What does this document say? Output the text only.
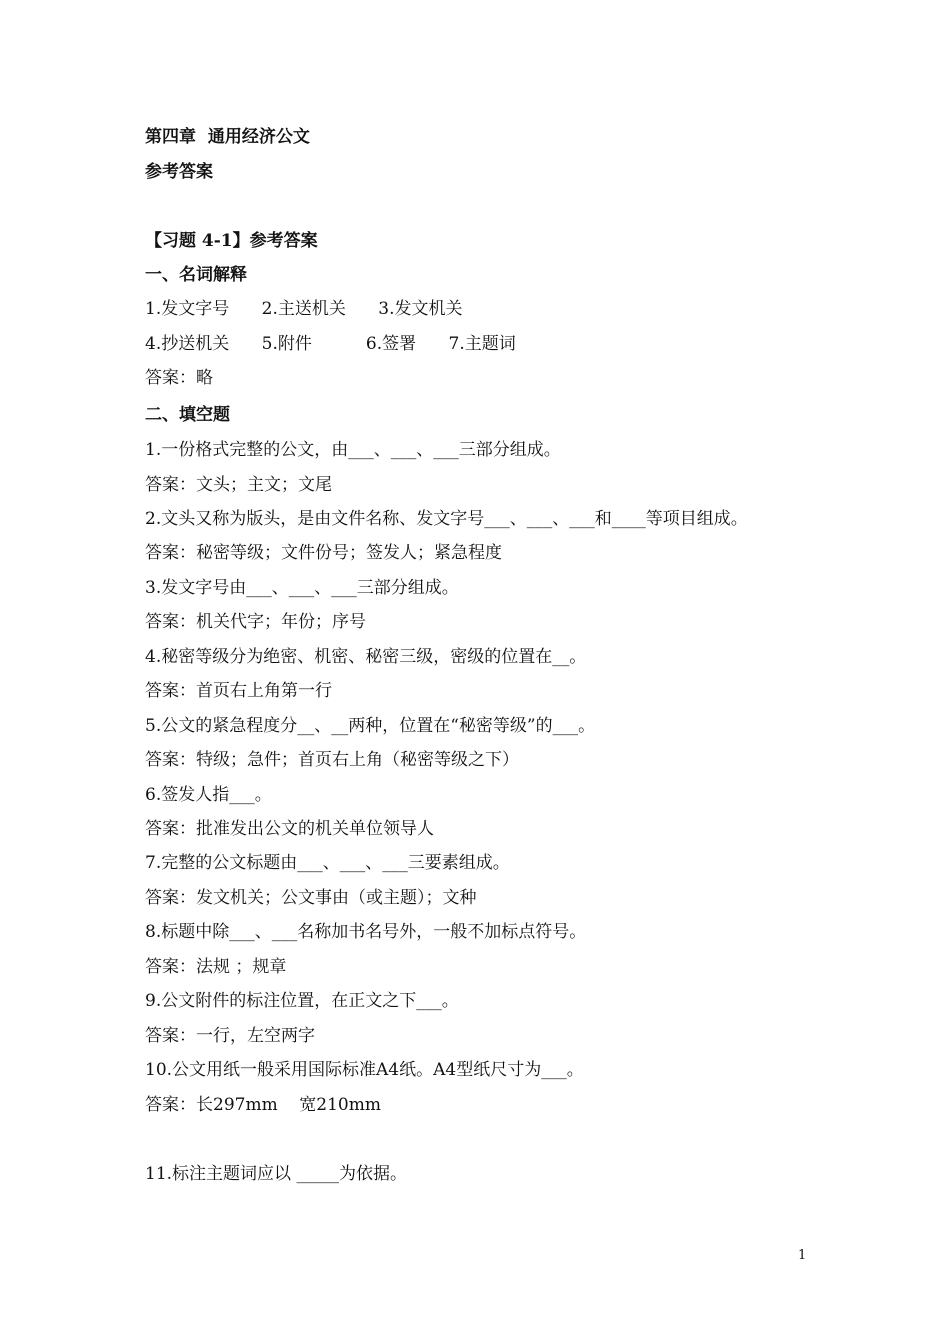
第四章  通用经济公文
参考答案
【习题 4-1】参考答案
一、名词解释
1.发文字号      2.主送机关      3.发文机关
4.抄送机关      5.附件          6.签署      7.主题词
答案：略
二、填空题
1.一份格式完整的公文，由___、___、___三部分组成。
答案：文头；主文；文尾
2.文头又称为版头，是由文件名称、发文字号___、___、___和____等项目组成。
答案：秘密等级；文件份号；签发人；紧急程度
3.发文字号由___、___、___三部分组成。
答案：机关代字；年份；序号
4.秘密等级分为绝密、机密、秘密三级，密级的位置在__。
答案：首页右上角第一行
5.公文的紧急程度分__、__两种，位置在“秘密等级”的___。
答案：特级；急件；首页右上角（秘密等级之下）
6.签发人指___。
答案：批准发出公文的机关单位领导人
7.完整的公文标题由___、___、___三要素组成。
答案：发文机关；公文事由（或主题）；文种
8.标题中除___、___名称加书名号外，一般不加标点符号。
答案：法规 ；规章
9.公文附件的标注位置，在正文之下___。
答案：一行，左空两字
10.公文用纸一般采用国际标准A4纸。A4型纸尺寸为___。
答案：长297mm    宽210mm
11.标注主题词应以 _____为依据。
1
